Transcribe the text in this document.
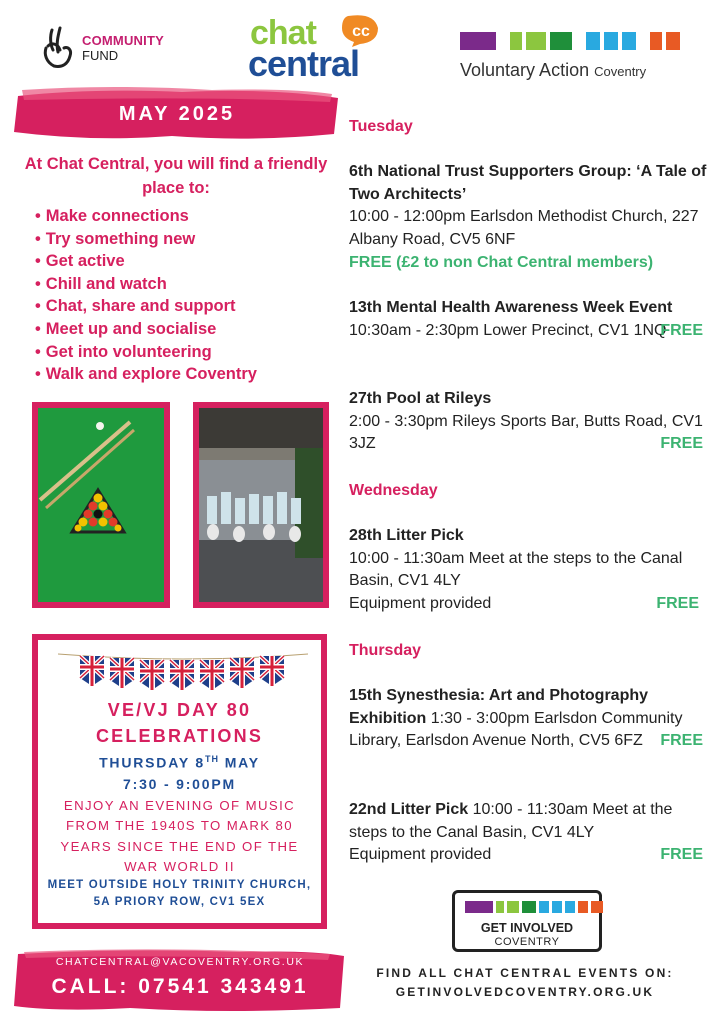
COMMUNITY
FUND
chat
central
cc
Voluntary Action Coventry
MAY 2025
At Chat Central, you will find a friendly place to:
• Make connections
• Try something new
• Get active
• Chill and watch
• Chat, share and support
• Meet up and socialise
• Get into volunteering
• Walk and explore Coventry
VE/VJ DAY 80
CELEBRATIONS
THURSDAY 8TH MAY
7:30 - 9:00PM
ENJOY AN EVENING OF MUSIC FROM THE 1940S TO MARK 80 YEARS SINCE THE END OF THE WAR WORLD II
MEET OUTSIDE HOLY TRINITY CHURCH, 5A PRIORY ROW, CV1 5EX
CHATCENTRAL@VACOVENTRY.ORG.UK
CALL: 07541 343491
Tuesday
6th National Trust Supporters Group: ‘A Tale of Two Architects’
10:00 - 12:00pm Earlsdon Methodist Church, 227 Albany Road, CV5 6NF
FREE (£2 to non Chat Central members)
13th Mental Health Awareness Week Event 10:30am - 2:30pm Lower Precinct, CV1 1NQ
FREE
27th Pool at Rileys
2:00 - 3:30pm Rileys Sports Bar, Butts Road, CV1 3JZ	FREE
Wednesday
28th Litter Pick
10:00 - 11:30am Meet at the steps to the Canal Basin, CV1 4LY
Equipment provided	FREE
Thursday
15th Synesthesia: Art and Photography Exhibition 1:30 - 3:00pm Earlsdon Community Library, Earlsdon Avenue North, CV5 6FZ FREE
22nd Litter Pick 10:00 - 11:30am Meet at the steps to the Canal Basin, CV1 4LY
Equipment provided	FREE
GET INVOLVED
COVENTRY
FIND ALL CHAT CENTRAL EVENTS ON:
GETINVOLVEDCOVENTRY.ORG.UK
